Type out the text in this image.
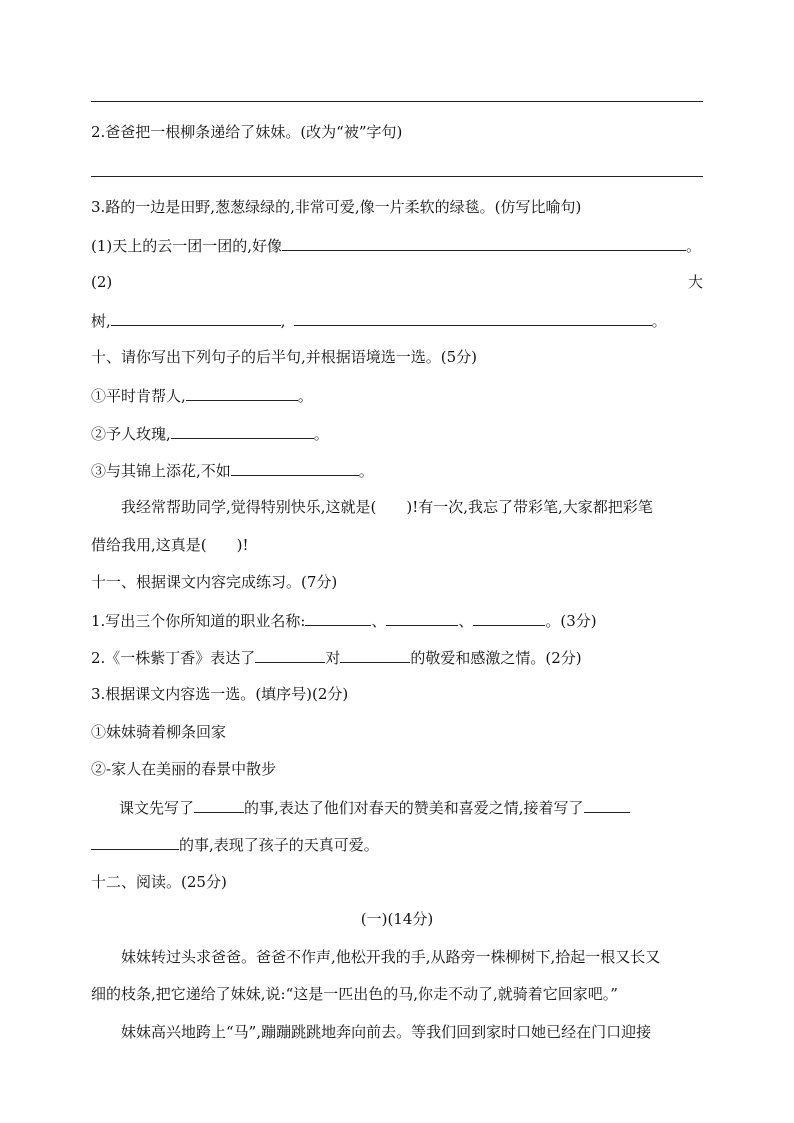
2.爸爸把一根柳条递给了妹妹。(改为“被”字句)
3.路的一边是田野,葱葱绿绿的,非常可爱,像一片柔软的绿毯。(仿写比喻句)
(1)天上的云一团一团的,好像	。
(2)	大
树,	,	。
十、请你写出下列句子的后半句,并根据语境选一选。(5分)
①平时肯帮人,	。
②予人玫瑰,	。
③与其锦上添花,不如	。
我经常帮助同学,觉得特别快乐,这就是(　　)!有一次,我忘了带彩笔,大家都把彩笔
借给我用,这真是(　　)!
十一、根据课文内容完成练习。(7分)
1.写出三个你所知道的职业名称:	、	、	。(3分)
2.《一株紫丁香》表达了	对	的敬爱和感激之情。(2分)
3.根据课文内容选一选。(填序号)(2分)
①妹妹骑着柳条回家
②-家人在美丽的春景中散步
课文先写了	的事,表达了他们对春天的赞美和喜爱之情,接着写了
的事,表现了孩子的天真可爱。
十二、阅读。(25分)
(一)(14分)
妹妹转过头求爸爸。爸爸不作声,他松开我的手,从路旁一株柳树下,拾起一根又长又
细的枝条,把它递给了妹妹,说:“这是一匹出色的马,你走不动了,就骑着它回家吧。”
妹妹高兴地跨上“马”,蹦蹦跳跳地奔向前去。等我们回到家时口她已经在门口迎接
